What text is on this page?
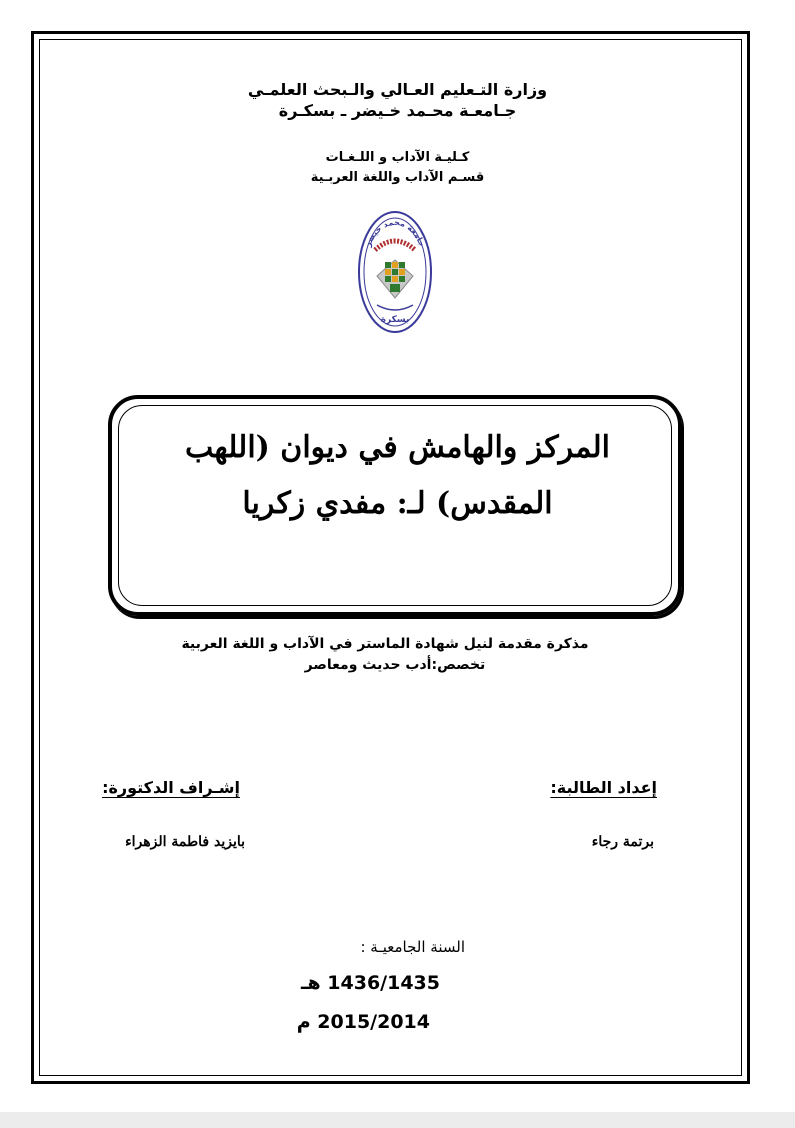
وزارة التـعليم العـالي والـبحث العلمـي
جـامعـة محـمد خـيضر ـ بسكـرة
كـليـة الآداب و اللـغـات
قسـم الآداب واللغة العربـية
جامعة محمد خيضر
بسكرة
المركز والهامش في ديوان (اللهب
المقدس) لـ: مفدي زكريا
مذكرة مقدمة لنيل شهادة الماستر في الآداب و اللغة العربية
تخصص:أدب حديث ومعاصر
إعداد الطالبة:
إشـراف الدكتورة:
برتمة رجاء
بايزيد فاطمة الزهراء
السنة الجامعيـة :
1436/1435 هـ
2015/2014 م
